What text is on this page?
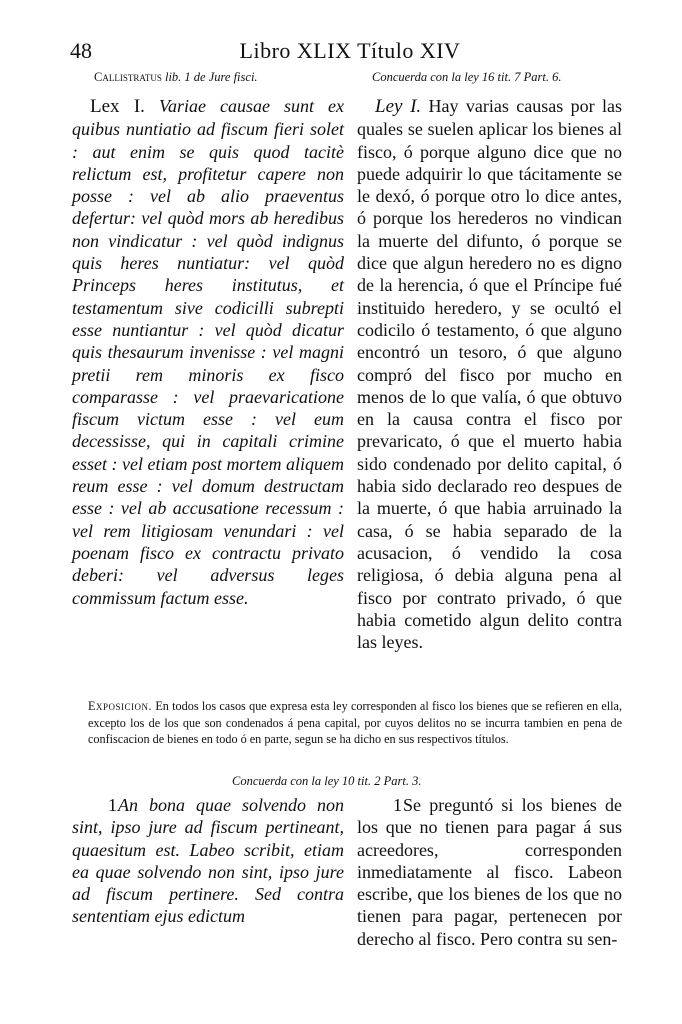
48	Libro XLIX Título XIV
Callistratus lib. 1 de Jure fisci.	Concuerda con la ley 16 tit. 7 Part. 6.

Lex I. Variae causae sunt ex quibus nuntiatio ad fiscum fieri solet : aut enim se quis quod tacitè relictum est, profitetur capere non posse : vel ab alio praeventus defertur: vel quòd mors ab heredibus non vindicatur : vel quòd indignus quis heres nuntiatur: vel quòd Princeps heres institutus, et testamentum sive codicilli subrepti esse nuntiantur : vel quòd dicatur quis thesaurum invenisse : vel magni pretii rem minoris ex fisco comparasse : vel praevaricatione fiscum victum esse : vel eum decessisse, qui in capitali crimine esset : vel etiam post mortem aliquem reum esse : vel domum destructam esse : vel ab accusatione recessum : vel rem litigiosam venundari : vel poenam fisco ex contractu privato deberi: vel adversus leges commissum factum esse.

Ley I. Hay varias causas por las quales se suelen aplicar los bienes al fisco, ó porque alguno dice que no puede adquirir lo que tácitamente se le dexó, ó porque otro lo dice antes, ó porque los herederos no vindican la muerte del difunto, ó porque se dice que algun heredero no es digno de la herencia, ó que el Príncipe fué instituido heredero, y se ocultó el codicilo ó testamento, ó que alguno encontró un tesoro, ó que alguno compró del fisco por mucho en menos de lo que valía, ó que obtuvo en la causa contra el fisco por prevaricato, ó que el muerto habia sido condenado por delito capital, ó habia sido declarado reo despues de la muerte, ó que habia arruinado la casa, ó se habia separado de la acusacion, ó vendido la cosa religiosa, ó debia alguna pena al fisco por contrato privado, ó que habia cometido algun delito contra las leyes.

Exposicion. En todos los casos que expresa esta ley corresponden al fisco los bienes que se refieren en ella, excepto los de los que son condenados á pena capital, por cuyos delitos no se incurra tambien en pena de confiscacion de bienes en todo ó en parte, segun se ha dicho en sus respectivos títulos.
Concuerda con la ley 10 tit. 2 Part. 3.

1An bona quae solvendo non sint, ipso jure ad fiscum pertineant, quaesitum est. Labeo scribit, etiam ea quae solvendo non sint, ipso jure ad fiscum pertinere. Sed contra sententiam ejus edictum

1Se preguntó si los bienes de los que no tienen para pagar á sus acreedores, corresponden inmediatamente al fisco. Labeon escribe, que los bienes de los que no tienen para pagar, pertenecen por derecho al fisco. Pero contra su sen-
